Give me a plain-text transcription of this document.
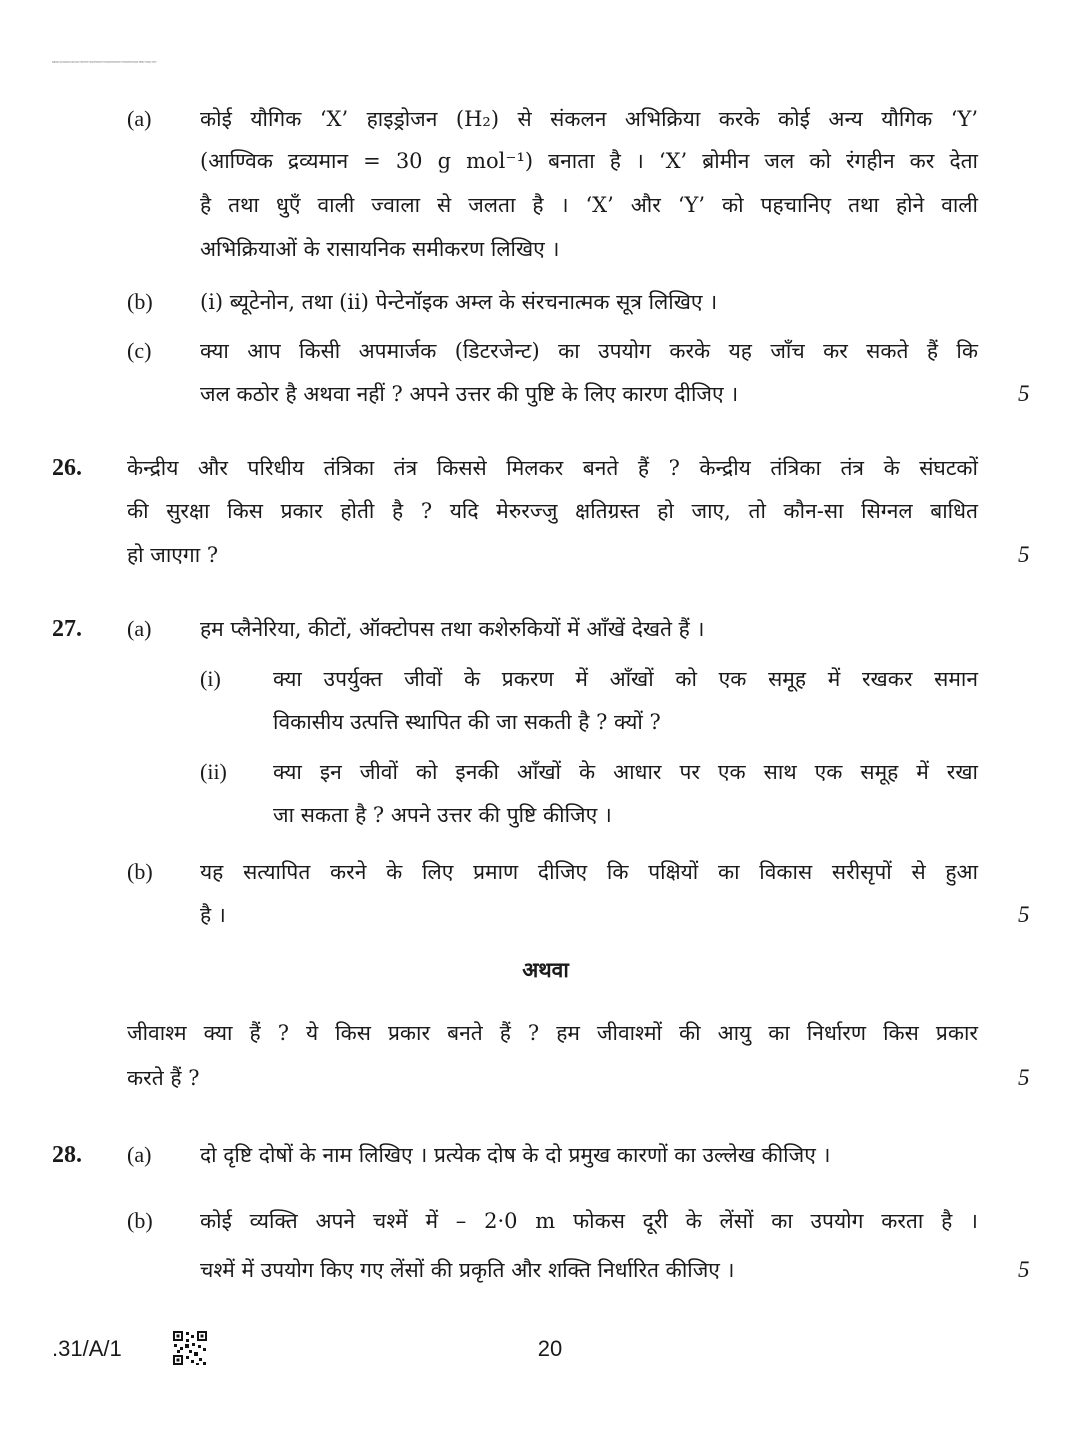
WBSKSKSKKDOKOSKTKMTHTKWTHWHTHTHWHTHWHTHTHWHTHKWTHMKTHSKTHT
(a) कोई यौगिक ‘X’ हाइड्रोजन (H₂) से संकलन अभिक्रिया करके कोई अन्य यौगिक ‘Y’
(आण्विक द्रव्यमान = 30 g mol⁻¹) बनाता है । ‘X’ ब्रोमीन जल को रंगहीन कर देता
है तथा धुएँ वाली ज्वाला से जलता है । ‘X’ और ‘Y’ को पहचानिए तथा होने वाली
अभिक्रियाओं के रासायनिक समीकरण लिखिए ।
(b) (i) ब्यूटेनोन, तथा (ii) पेन्टेनॉइक अम्ल के संरचनात्मक सूत्र लिखिए ।
(c) क्या आप किसी अपमार्जक (डिटरजेन्ट) का उपयोग करके यह जाँच कर सकते हैं कि
जल कठोर है अथवा नहीं ? अपने उत्तर की पुष्टि के लिए कारण दीजिए ।	5
26. केन्द्रीय और परिधीय तंत्रिका तंत्र किससे मिलकर बनते हैं ? केन्द्रीय तंत्रिका तंत्र के संघटकों
की सुरक्षा किस प्रकार होती है ? यदि मेरुरज्जु क्षतिग्रस्त हो जाए, तो कौन-सा सिग्नल बाधित
हो जाएगा ?	5
27. (a) हम प्लैनेरिया, कीटों, ऑक्टोपस तथा कशेरुकियों में आँखें देखते हैं ।
(i) क्या उपर्युक्त जीवों के प्रकरण में आँखों को एक समूह में रखकर समान
विकासीय उत्पत्ति स्थापित की जा सकती है ? क्यों ?
(ii) क्या इन जीवों को इनकी आँखों के आधार पर एक साथ एक समूह में रखा
जा सकता है ? अपने उत्तर की पुष्टि कीजिए ।
(b) यह सत्यापित करने के लिए प्रमाण दीजिए कि पक्षियों का विकास सरीसृपों से हुआ
है ।	5
अथवा
जीवाश्म क्या हैं ? ये किस प्रकार बनते हैं ? हम जीवाश्मों की आयु का निर्धारण किस प्रकार
करते हैं ?	5
28. (a) दो दृष्टि दोषों के नाम लिखिए । प्रत्येक दोष के दो प्रमुख कारणों का उल्लेख कीजिए ।
(b) कोई व्यक्ति अपने चश्में में – 2·0 m फोकस दूरी के लेंसों का उपयोग करता है ।
चश्में में उपयोग किए गए लेंसों की प्रकृति और शक्ति निर्धारित कीजिए ।	5
.31/A/1	20
